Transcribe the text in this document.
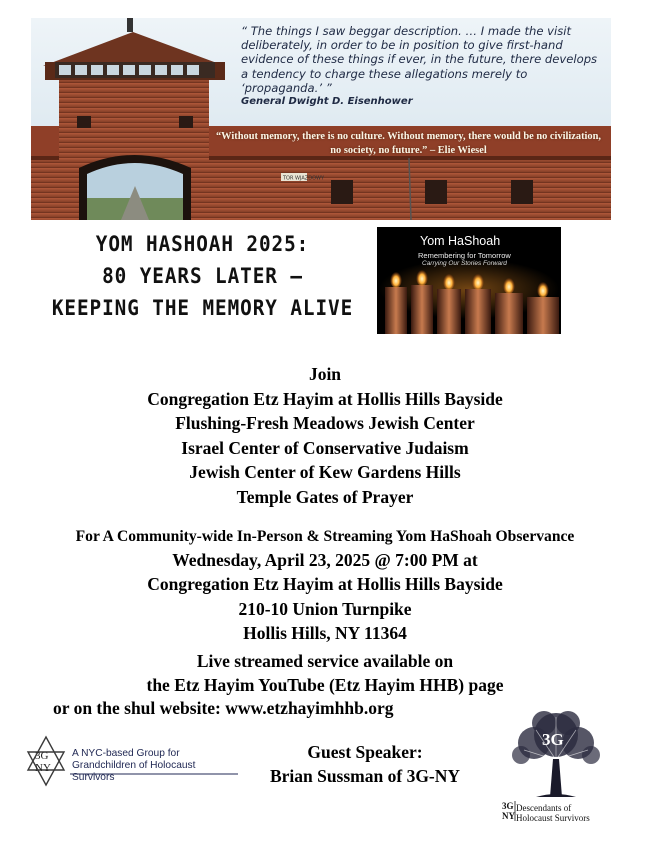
TOR WJAZDOWY
“ The things I saw beggar description. … I made the visit deliberately, in order to be in position to give first-hand evidence of these things if ever, in the future, there develops a tendency to charge these allegations merely to ‘propaganda.’ ”
General Dwight D. Eisenhower
“Without memory, there is no culture. Without memory, there would be no civilization, no society, no future.” – Elie Wiesel
YOM HASHOAH 2025:
80 YEARS LATER —
KEEPING THE MEMORY ALIVE
Yom HaShoah
Remembering for Tomorrow
Carrying Our Stories Forward
Join
Congregation Etz Hayim at Hollis Hills Bayside
Flushing-Fresh Meadows Jewish Center
Israel Center of Conservative Judaism
Jewish Center of Kew Gardens Hills
Temple Gates of Prayer
For A Community-wide In-Person & Streaming Yom HaShoah Observance
Wednesday, April 23, 2025 @ 7:00 PM at
Congregation Etz Hayim at Hollis Hills Bayside
210-10 Union Turnpike
Hollis Hills, NY 11364
Live streamed service available on
the Etz Hayim YouTube (Etz Hayim HHB) page
or on the shul website: www.etzhayimhhb.org
3G
NY
A NYC-based Group for
Grandchildren of Holocaust Survivors
Guest Speaker:
Brian Sussman of 3G-NY
3G
3G
NY
Descendants of
Holocaust Survivors
